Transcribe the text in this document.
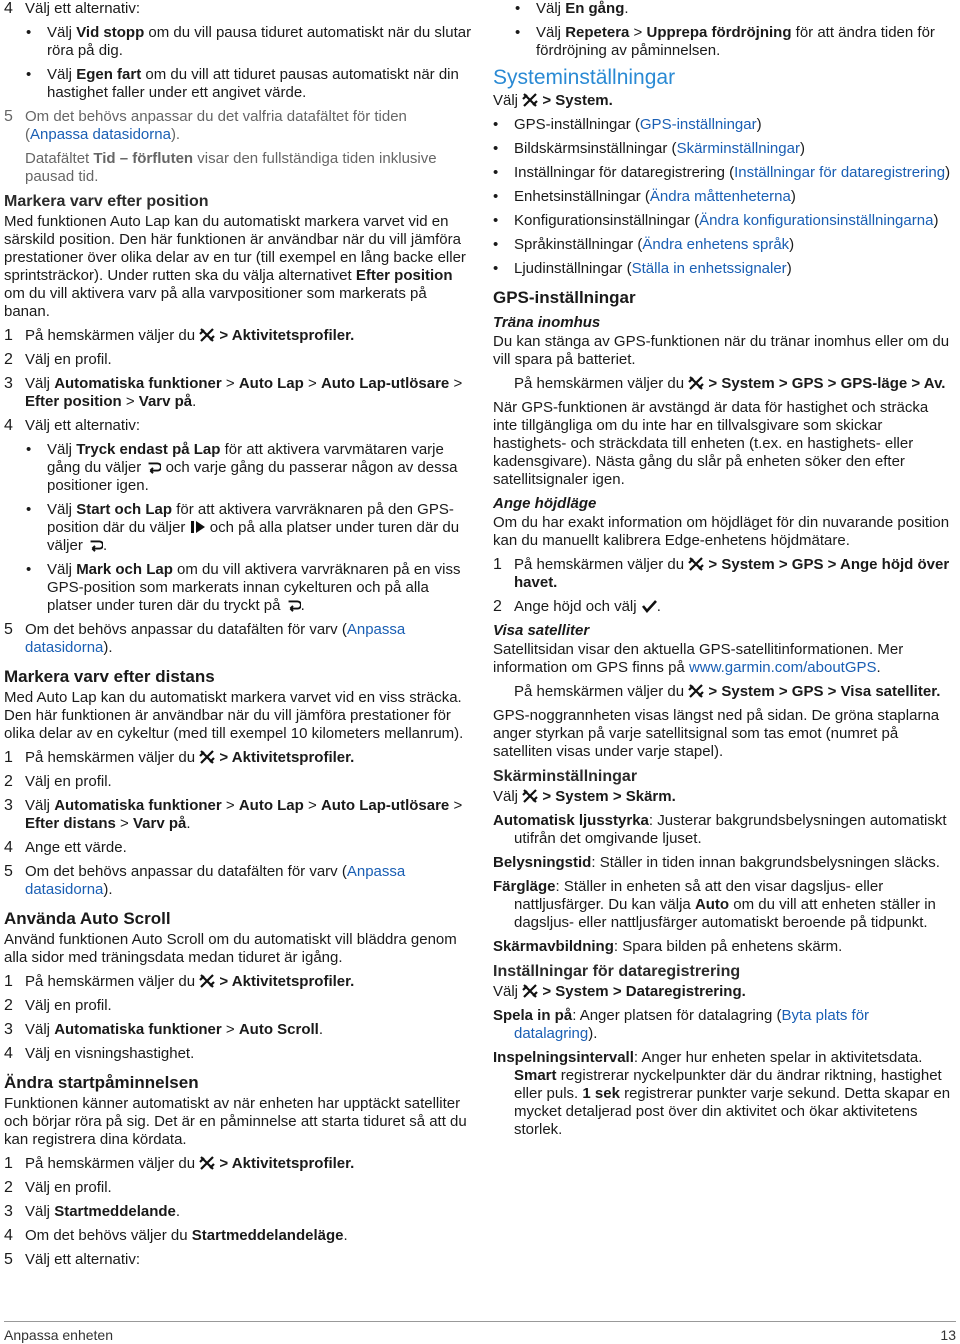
4 Välj ett alternativ:
•	Välj Vid stopp om du vill pausa tiduret automatiskt när du slutar röra på dig.
•	Välj Egen fart om du vill att tiduret pausas automatiskt när din hastighet faller under ett angivet värde.
5 Om det behövs anpassar du det valfria datafältet för tiden (Anpassa datasidorna).

Datafältet Tid – förfluten visar den fullständiga tiden inklusive pausad tid.

Markera varv efter position

Med funktionen Auto Lap kan du automatiskt markera varvet vid en särskild position. Den här funktionen är användbar när du vill jämföra prestationer över olika delar av en tur (till exempel en lång backe eller sprintsträckor). Under rutten ska du välja alternativet Efter position om du vill aktivera varv på alla varvpositioner som markerats på banan.

1 På hemskärmen väljer du  > Aktivitetsprofiler.
2 Välj en profil.
3 Välj Automatiska funktioner > Auto Lap > Auto Lap-utlösare > Efter position > Varv på.
4 Välj ett alternativ:
•	Välj Tryck endast på Lap för att aktivera varvmätaren varje gång du väljer  och varje gång du passerar någon av dessa positioner igen.
•	Välj Start och Lap för att aktivera varvräknaren på den GPS-position där du väljer  och på alla platser under turen där du väljer .
•	Välj Mark och Lap om du vill aktivera varvräknaren på en viss GPS-position som markerats innan cykelturen och på alla platser under turen där du tryckt på .
5 Om det behövs anpassar du datafälten för varv (Anpassa datasidorna).
Markera varv efter distans

Med Auto Lap kan du automatiskt markera varvet vid en viss sträcka. Den här funktionen är användbar när du vill jämföra prestationer för olika delar av en cykeltur (med till exempel 10 kilometers mellanrum).

1 På hemskärmen väljer du  > Aktivitetsprofiler.
2 Välj en profil.
3 Välj Automatiska funktioner > Auto Lap > Auto Lap-utlösare > Efter distans > Varv på.
4 Ange ett värde.
5 Om det behövs anpassar du datafälten för varv (Anpassa datasidorna).
Använda Auto Scroll

Använd funktionen Auto Scroll om du automatiskt vill bläddra genom alla sidor med träningsdata medan tiduret är igång.

1 På hemskärmen väljer du  > Aktivitetsprofiler.
2 Välj en profil.
3 Välj Automatiska funktioner > Auto Scroll.
4 Välj en visningshastighet.
Ändra startpåminnelsen

Funktionen känner automatiskt av när enheten har upptäckt satelliter och börjar röra på sig. Det är en påminnelse att starta tiduret så att du kan registrera dina kördata.

1 På hemskärmen väljer du  > Aktivitetsprofiler.
2 Välj en profil.
3 Välj Startmeddelande.
4 Om det behövs väljer du Startmeddelandeläge.
5 Välj ett alternativ:
•	Välj En gång.
•	Välj Repetera > Upprepa fördröjning för att ändra tiden för fördröjning av påminnelsen.
Systeminställningar

Välj  > System.

•	GPS-inställningar (GPS-inställningar)
•	Bildskärmsinställningar (Skärminställningar)
•	Inställningar för dataregistrering (Inställningar för dataregistrering)
•	Enhetsinställningar (Ändra måttenheterna)
•	Konfigurationsinställningar (Ändra konfigurationsinställningarna)
•	Språkinställningar (Ändra enhetens språk)
•	Ljudinställningar (Ställa in enhetssignaler)
GPS-inställningar
Träna inomhus

Du kan stänga av GPS-funktionen när du tränar inomhus eller om du vill spara på batteriet.

På hemskärmen väljer du  > System > GPS > GPS-läge > Av.

När GPS-funktionen är avstängd är data för hastighet och sträcka inte tillgängliga om du inte har en tillvalsgivare som skickar hastighets- och sträckdata till enheten (t.ex. en hastighets- eller kadensgivare). Nästa gång du slår på enheten söker den efter satellitsignaler igen.

Ange höjdläge

Om du har exakt information om höjdläget för din nuvarande position kan du manuellt kalibrera Edge-enhetens höjdmätare.

1 På hemskärmen väljer du  > System > GPS > Ange höjd över havet.
2 Ange höjd och välj .
Visa satelliter

Satellitsidan visar den aktuella GPS-satellitinformationen. Mer information om GPS finns på www.garmin.com/aboutGPS.

På hemskärmen väljer du  > System > GPS > Visa satelliter.

GPS-noggrannheten visas längst ned på sidan. De gröna staplarna anger styrkan på varje satellitsignal som tas emot (numret på satelliten visas under varje stapel).

Skärminställningar

Välj  > System > Skärm.

Automatisk ljusstyrka: Justerar bakgrundsbelysningen automatiskt utifrån det omgivande ljuset.

Belysningstid: Ställer in tiden innan bakgrundsbelysningen släcks.

Färgläge: Ställer in enheten så att den visar dagsljus- eller nattljusfärger. Du kan välja Auto om du vill att enheten ställer in dagsljus- eller nattljusfärger automatiskt beroende på tidpunkt.

Skärmavbildning: Spara bilden på enhetens skärm.

Inställningar för dataregistrering

Välj  > System > Dataregistrering.

Spela in på: Anger platsen för datalagring (Byta plats för datalagring).

Inspelningsintervall: Anger hur enheten spelar in aktivitetsdata. Smart registrerar nyckelpunkter där du ändrar riktning, hastighet eller puls. 1 sek registrerar punkter varje sekund. Detta skapar en mycket detaljerad post över din aktivitet och ökar aktivitetens storlek.

Anpassa enheten	13
